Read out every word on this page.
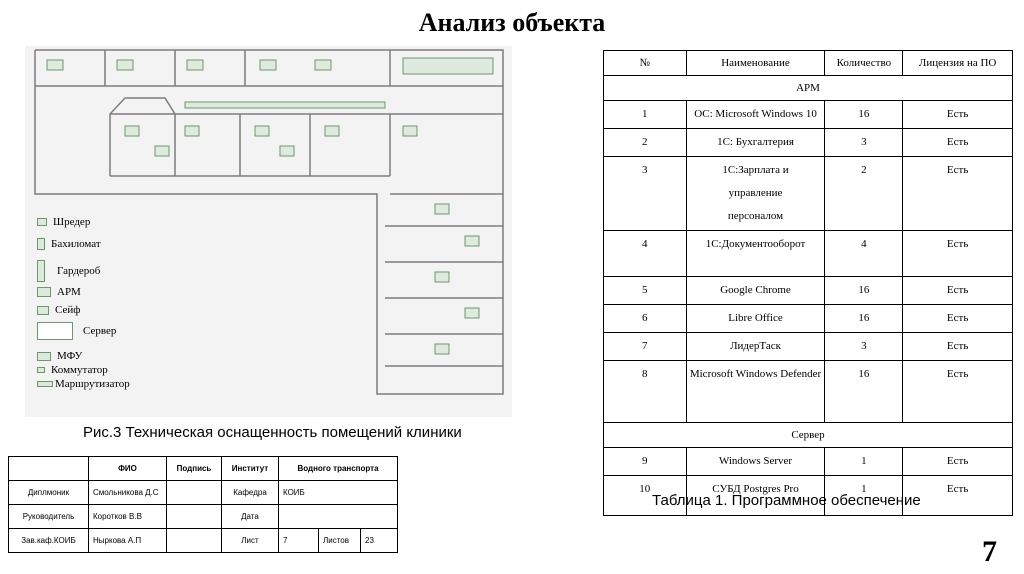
Анализ объекта
Шредер
Бахиломат
Гардероб
АРМ
Сейф
Сервер
МФУ
Коммутатор
Маршрутизатор
Рис.3 Техническая оснащенность помещений клиники
	ФИО	Подпись	Институт	Водного транспорта		
Диплмоник	Смольникова Д.С		Кафедра	КОИБ		
Руководитель	Коротков В.В		Дата			
Зав.каф.КОИБ	Ныркова А.П		Лист	7	Листов	23
№	Наименование	Количество	Лицензия на ПО
АРМ			
1	ОС: Microsoft Windows 10	16	Есть
2	1С: Бухгалтерия	3	Есть
3	1С:Зарплата и управление персоналом	2	Есть
4	1С:Документооборот	4	Есть
5	Google Chrome	16	Есть
6	Libre Office	16	Есть
7	ЛидерТаск	3	Есть
8	Microsoft Windows Defender	16	Есть
Сервер			
9	Windows Server	1	Есть
10	СУБД Postgres Pro	1	Есть
Таблица 1. Программное обеспечение
7
